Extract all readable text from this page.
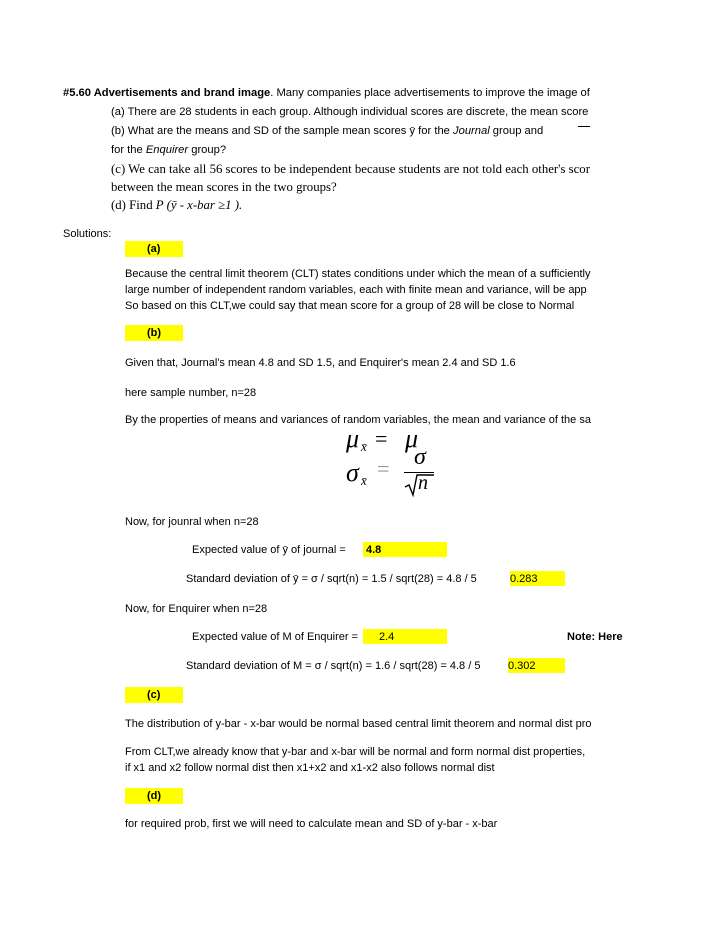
#5.60 Advertisements and brand image. Many companies place advertisements to improve the image of
(a) There are 28 students in each group. Although individual scores are discrete, the mean score
(b) What are the means and SD of the sample mean scores ȳ for the Journal group and
for the Enquirer group?
(c) We can take all 56 scores to be independent because students are not told each other's scor
between the mean scores in the two groups?
(d) Find P (ȳ - x-bar ≥1 ).
Solutions:
(a)
Because the central limit theorem (CLT) states conditions under which the mean of a sufficiently
large number of independent random variables, each with finite mean and variance, will be app
So based on this CLT,we could say that mean score for a group of 28 will be close to Normal
(b)
Given that, Journal's mean 4.8 and SD 1.5, and Enquirer's mean 2.4 and SD 1.6
here sample number, n=28
By the properties of means and variances of random variables, the mean and variance of the sa
μ x̄ = μ
σ x̄ = σ
n
Now, for jounral when n=28
Expected value of ȳ of journal = 4.8
Standard deviation of ȳ = σ / sqrt(n) = 1.5 / sqrt(28) = 4.8 / 5	0.283
Now, for Enquirer when n=28
Expected value of M of Enquirer = 2.4	Note: Here
Standard deviation of M = σ / sqrt(n) = 1.6 / sqrt(28) = 4.8 / 5	0.302
(c)
The distribution of y-bar - x-bar would be normal based central limit theorem and normal dist pro
From CLT,we already know that y-bar and x-bar will be normal and form normal dist properties,
if x1 and x2 follow normal dist then x1+x2 and x1-x2 also follows normal dist
(d)
for required prob, first we will need to calculate mean and SD of y-bar - x-bar
